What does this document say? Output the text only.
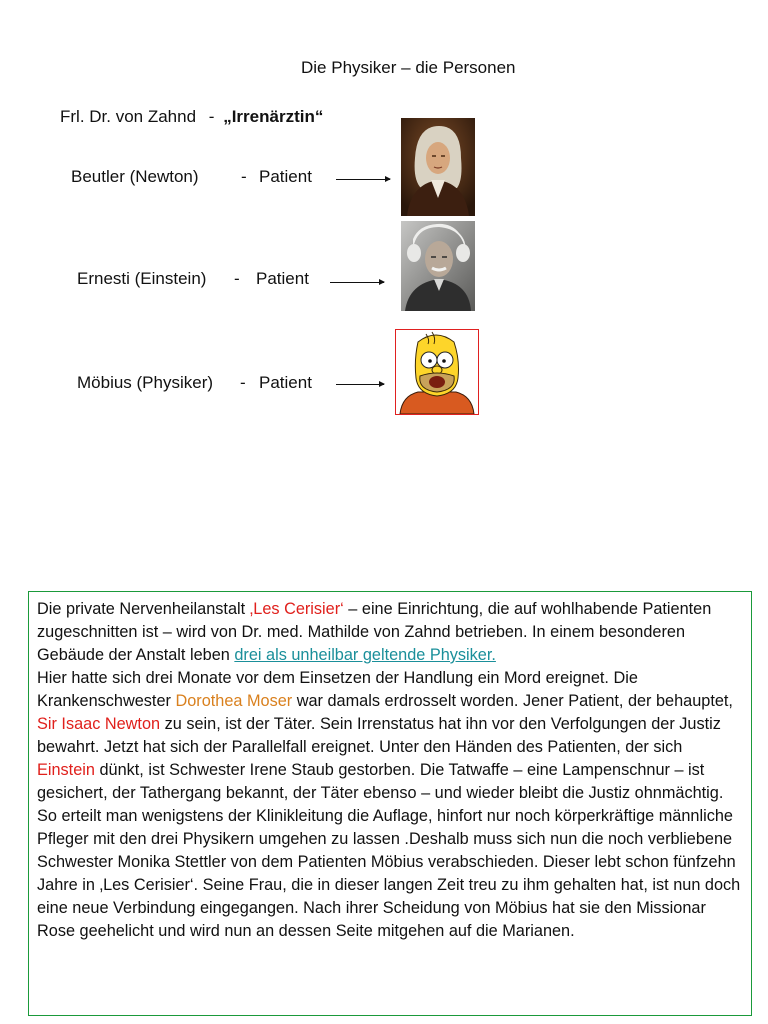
Die Physiker – die Personen
Frl. Dr. von Zahnd - „Irrenärztin“
Beutler (Newton) - Patient
Ernesti (Einstein) - Patient
Möbius (Physiker) - Patient

Die private Nervenheilanstalt ‚Les Cerisier‘ – eine Einrichtung, die auf wohlhabende Patienten zugeschnitten ist – wird von Dr. med. Mathilde von Zahnd betrieben. In einem besonderen Gebäude der Anstalt leben drei als unheilbar geltende Physiker.
Hier hatte sich drei Monate vor dem Einsetzen der Handlung ein Mord ereignet. Die Krankenschwester Dorothea Moser war damals erdrosselt worden. Jener Patient, der behauptet, Sir Isaac Newton zu sein, ist der Täter. Sein Irrenstatus hat ihn vor den Verfolgungen der Justiz bewahrt. Jetzt hat sich der Parallelfall ereignet. Unter den Händen des Patienten, der sich Einstein dünkt, ist Schwester Irene Staub gestorben. Die Tatwaffe – eine Lampenschnur – ist gesichert, der Tathergang bekannt, der Täter ebenso – und wieder bleibt die Justiz ohnmächtig. So erteilt man wenigstens der Klinikleitung die Auflage, hinfort nur noch körperkräftige männliche Pfleger mit den drei Physikern umgehen zu lassen .Deshalb muss sich nun die noch verbliebene Schwester Monika Stettler von dem Patienten Möbius verabschieden. Dieser lebt schon fünfzehn Jahre in ‚Les Cerisier‘. Seine Frau, die in dieser langen Zeit treu zu ihm gehalten hat, ist nun doch eine neue Verbindung eingegangen. Nach ihrer Scheidung von Möbius hat sie den Missionar Rose geehelicht und wird nun an dessen Seite mitgehen auf die Marianen.
